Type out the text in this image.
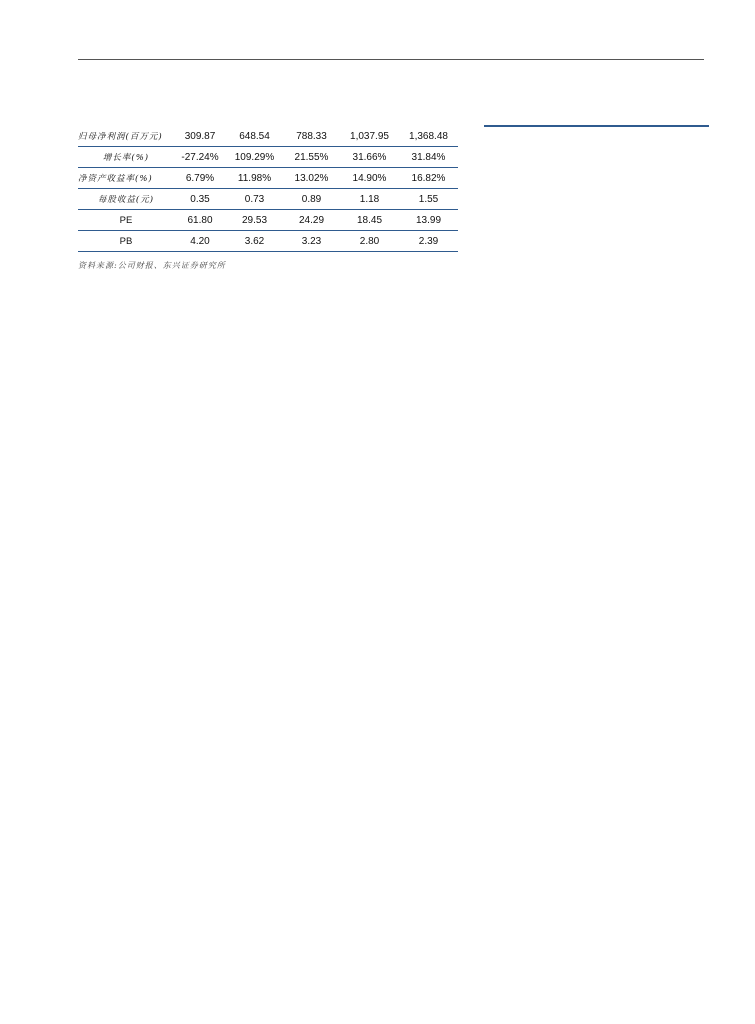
归母净利润(百万元)	309.87	648.54	788.33	1,037.95	1,368.48
增长率(%)	-27.24%	109.29%	21.55%	31.66%	31.84%
净资产收益率(%)	6.79%	11.98%	13.02%	14.90%	16.82%
每股收益(元)	0.35	0.73	0.89	1.18	1.55
PE	61.80	29.53	24.29	18.45	13.99
PB	4.20	3.62	3.23	2.80	2.39
资料来源:公司财报、东兴证券研究所
